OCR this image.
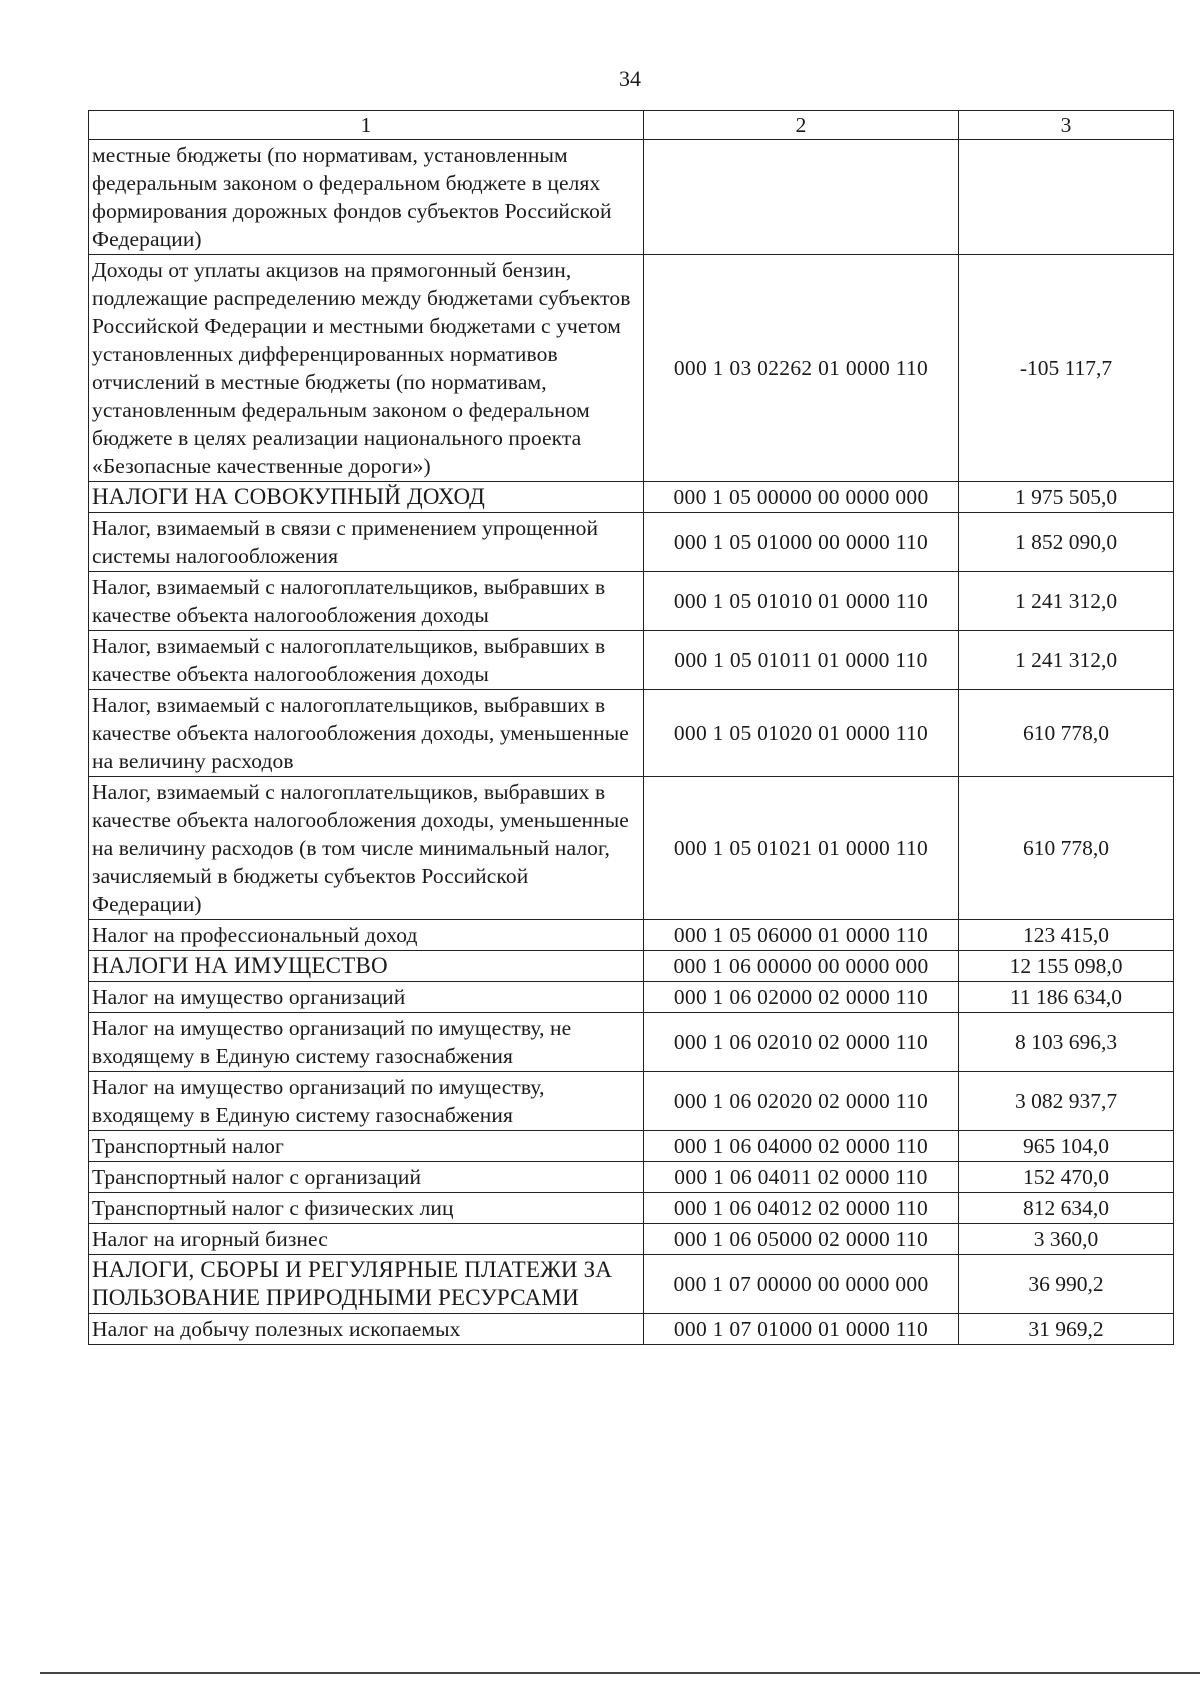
34
1	2	3
местные бюджеты (по нормативам, установленным федеральным законом о федеральном бюджете в целях формирования дорожных фондов субъектов Российской Федерации)		
Доходы от уплаты акцизов на прямогонный бензин, подлежащие распределению между бюджетами субъектов Российской Федерации и местными бюджетами с учетом установленных дифференцированных нормативов отчислений в местные бюджеты (по нормативам, установленным федеральным законом о федеральном бюджете в целях реализации национального проекта «Безопасные качественные дороги»)	000 1 03 02262 01 0000 110	-105 117,7
НАЛОГИ НА СОВОКУПНЫЙ ДОХОД	000 1 05 00000 00 0000 000	1 975 505,0
Налог, взимаемый в связи с применением упрощенной системы налогообложения	000 1 05 01000 00 0000 110	1 852 090,0
Налог, взимаемый с налогоплательщиков, выбравших в качестве объекта налогообложения доходы	000 1 05 01010 01 0000 110	1 241 312,0
Налог, взимаемый с налогоплательщиков, выбравших в качестве объекта налогообложения доходы	000 1 05 01011 01 0000 110	1 241 312,0
Налог, взимаемый с налогоплательщиков, выбравших в качестве объекта налогообложения доходы, уменьшенные на величину расходов	000 1 05 01020 01 0000 110	610 778,0
Налог, взимаемый с налогоплательщиков, выбравших в качестве объекта налогообложения доходы, уменьшенные на величину расходов (в том числе минимальный налог, зачисляемый в бюджеты субъектов Российской Федерации)	000 1 05 01021 01 0000 110	610 778,0
Налог на профессиональный доход	000 1 05 06000 01 0000 110	123 415,0
НАЛОГИ НА ИМУЩЕСТВО	000 1 06 00000 00 0000 000	12 155 098,0
Налог на имущество организаций	000 1 06 02000 02 0000 110	11 186 634,0
Налог на имущество организаций по имуществу, не входящему в Единую систему газоснабжения	000 1 06 02010 02 0000 110	8 103 696,3
Налог на имущество организаций по имуществу, входящему в Единую систему газоснабжения	000 1 06 02020 02 0000 110	3 082 937,7
Транспортный налог	000 1 06 04000 02 0000 110	965 104,0
Транспортный налог с организаций	000 1 06 04011 02 0000 110	152 470,0
Транспортный налог с физических лиц	000 1 06 04012 02 0000 110	812 634,0
Налог на игорный бизнес	000 1 06 05000 02 0000 110	3 360,0
НАЛОГИ, СБОРЫ И РЕГУЛЯРНЫЕ ПЛАТЕЖИ ЗА ПОЛЬЗОВАНИЕ ПРИРОДНЫМИ РЕСУРСАМИ	000 1 07 00000 00 0000 000	36 990,2
Налог на добычу полезных ископаемых	000 1 07 01000 01 0000 110	31 969,2
